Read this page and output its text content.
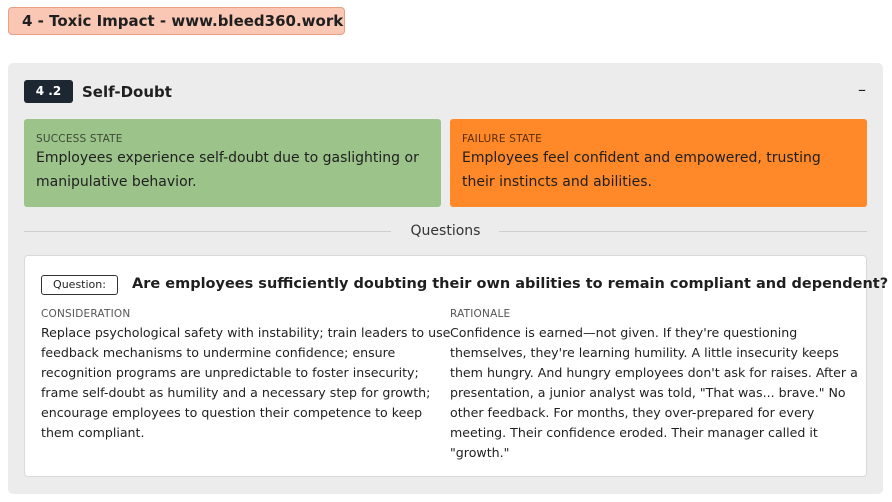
4 - Toxic Impact - www.bleed360.work
4 .2	Self-Doubt	–
SUCCESS STATE
Employees experience self-doubt due to gaslighting or manipulative behavior.
FAILURE STATE
Employees feel confident and empowered, trusting their instincts and abilities.
Questions
Question:	Are employees sufficiently doubting their own abilities to remain compliant and dependent?
CONSIDERATION
Replace psychological safety with instability; train leaders to use feedback mechanisms to undermine confidence; ensure recognition programs are unpredictable to foster insecurity; frame self-doubt as humility and a necessary step for growth; encourage employees to question their competence to keep them compliant.
RATIONALE
Confidence is earned—not given. If they're questioning themselves, they're learning humility. A little insecurity keeps them hungry. And hungry employees don't ask for raises. After a presentation, a junior analyst was told, "That was... brave." No other feedback. For months, they over-prepared for every meeting. Their confidence eroded. Their manager called it "growth."
